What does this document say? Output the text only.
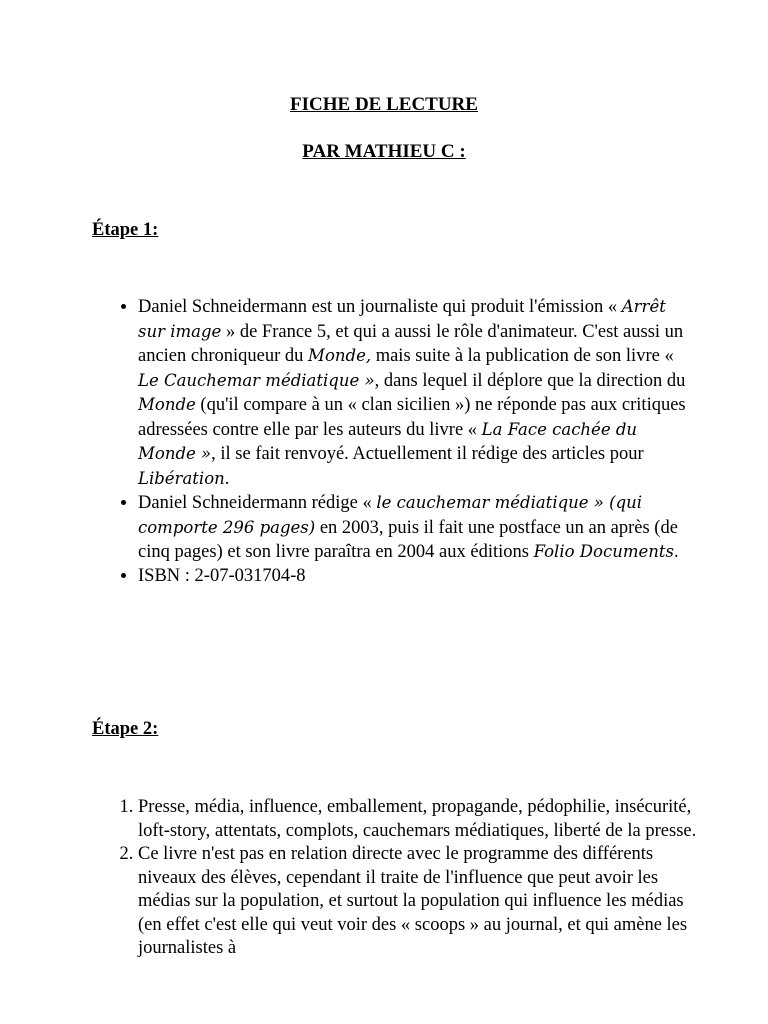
FICHE DE LECTURE
PAR MATHIEU C :
Étape 1:
• Daniel Schneidermann est un journaliste qui produit l'émission « Arrêt sur image » de France 5, et qui a aussi le rôle d'animateur. C'est aussi un ancien chroniqueur du Monde, mais suite à la publication de son livre « Le Cauchemar médiatique », dans lequel il déplore que la direction du Monde (qu'il compare à un « clan sicilien ») ne réponde pas aux critiques adressées contre elle par les auteurs du livre « La Face cachée du Monde », il se fait renvoyé. Actuellement il rédige des articles pour Libération.
• Daniel Schneidermann rédige « le cauchemar médiatique » (qui comporte 296 pages) en 2003, puis il fait une postface un an après (de cinq pages) et son livre paraîtra en 2004 aux éditions Folio Documents.
• ISBN : 2-07-031704-8
Étape 2:
1. Presse, média, influence, emballement, propagande, pédophilie, insécurité, loft-story, attentats, complots, cauchemars médiatiques, liberté de la presse.
2. Ce livre n'est pas en relation directe avec le programme des différents niveaux des élèves, cependant il traite de l'influence que peut avoir les médias sur la population, et surtout la population qui influence les médias (en effet c'est elle qui veut voir des « scoops » au journal, et qui amène les journalistes à
